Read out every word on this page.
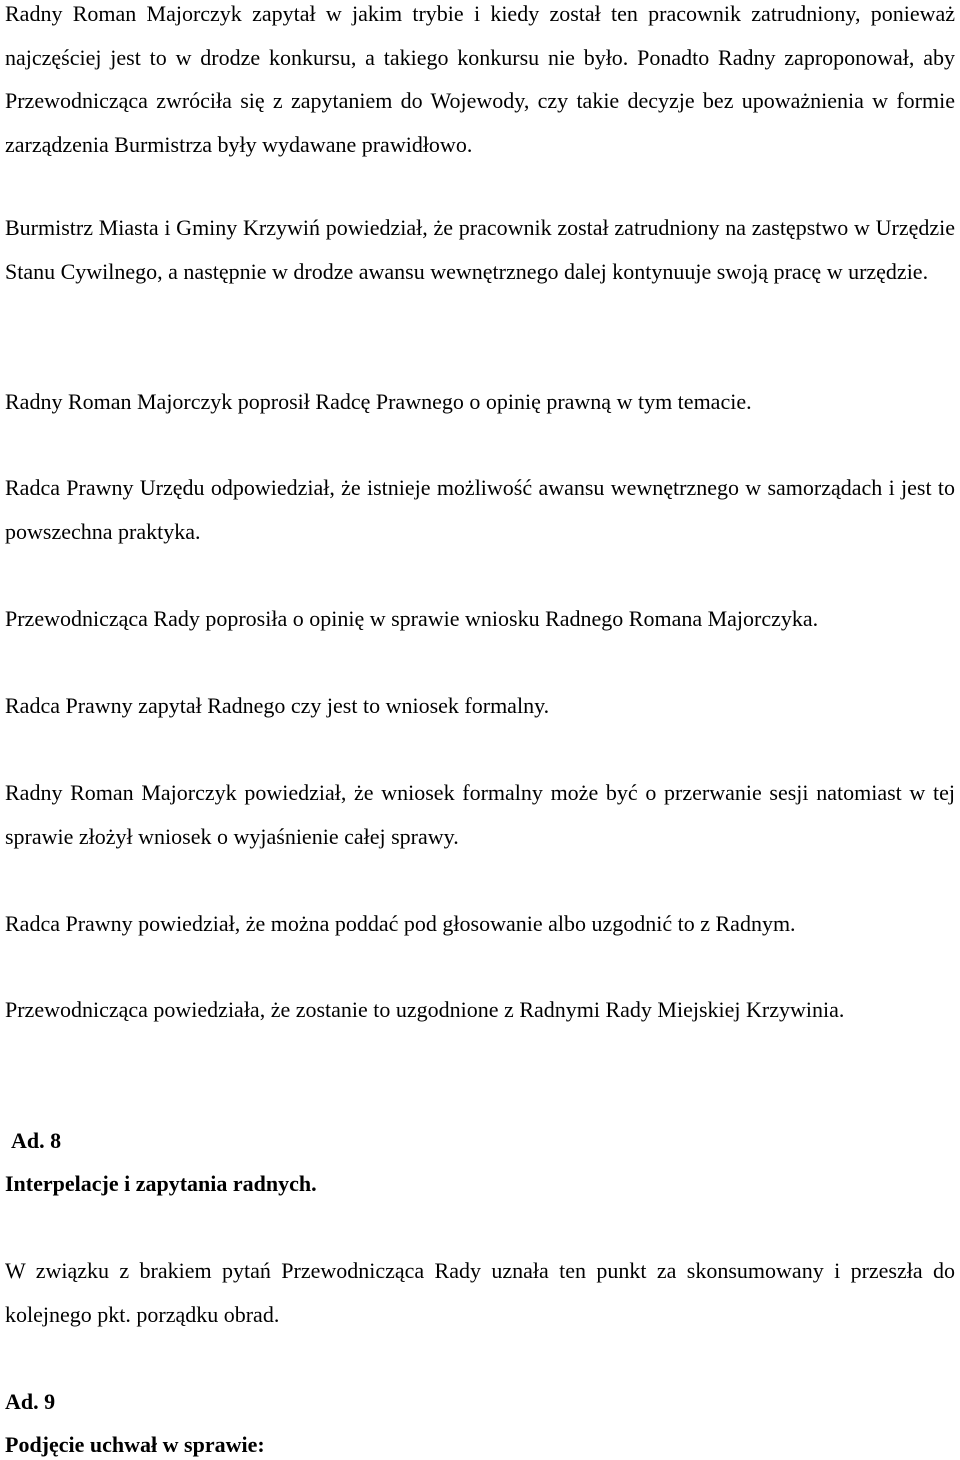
Radny Roman Majorczyk zapytał w jakim trybie i kiedy został ten pracownik zatrudniony, ponieważ najczęściej jest to w drodze konkursu, a takiego konkursu nie było. Ponadto Radny zaproponował, aby Przewodnicząca zwróciła się z zapytaniem do Wojewody, czy takie decyzje bez upoważnienia w formie zarządzenia Burmistrza były wydawane prawidłowo.

Burmistrz Miasta i Gminy Krzywiń powiedział, że pracownik został zatrudniony na zastępstwo w Urzędzie Stanu Cywilnego, a następnie w drodze awansu wewnętrznego dalej kontynuuje swoją pracę w urzędzie.

Radny Roman Majorczyk poprosił Radcę Prawnego o opinię prawną w tym temacie.

Radca Prawny Urzędu odpowiedział, że istnieje możliwość awansu wewnętrznego w samorządach i jest to powszechna praktyka.

Przewodnicząca Rady poprosiła o opinię w sprawie wniosku Radnego Romana Majorczyka.

Radca Prawny zapytał Radnego czy jest to wniosek formalny.

Radny Roman Majorczyk powiedział, że wniosek formalny może być o przerwanie sesji natomiast w tej sprawie złożył wniosek o wyjaśnienie całej sprawy.

Radca Prawny powiedział, że można poddać pod głosowanie albo uzgodnić to z Radnym.

Przewodnicząca powiedziała, że zostanie to uzgodnione z Radnymi Rady Miejskiej Krzywinia.

Ad. 8
Interpelacje i zapytania radnych.

W związku z brakiem pytań Przewodnicząca Rady uznała ten punkt za skonsumowany i przeszła do kolejnego pkt. porządku obrad.

Ad. 9
Podjęcie uchwał w sprawie:
